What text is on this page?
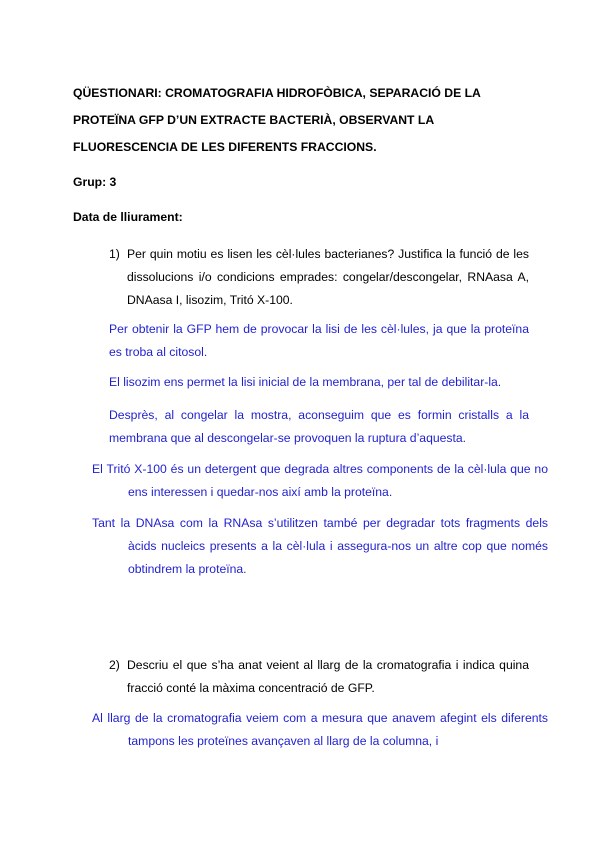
QÜESTIONARI: CROMATOGRAFIA HIDROFÒBICA, SEPARACIÓ DE LA
PROTEÏNA GFP D’UN EXTRACTE BACTERIÀ, OBSERVANT LA
FLUORESCENCIA DE LES DIFERENTS FRACCIONS.

Grup: 3

Data de lliurament:

1) Per quin motiu es lisen les cèl·lules bacterianes? Justifica la funció de les dissolucions i/o condicions emprades: congelar/descongelar, RNAasa A, DNAasa I, lisozim, Tritó X-100.

Per obtenir la GFP hem de provocar la lisi de les cèl·lules, ja que la proteïna es troba al citosol.

El lisozim ens permet la lisi inicial de la membrana, per tal de debilitar-la.

Desprès, al congelar la mostra, aconseguim que es formin cristalls a la membrana que al descongelar-se provoquen la ruptura d’aquesta.

El Tritó X-100 és un detergent que degrada altres components de la cèl·lula que no ens interessen i quedar-nos així amb la proteïna.

Tant la DNAsa com la RNAsa s’utilitzen també per degradar tots fragments dels àcids nucleics presents a la cèl·lula i assegura-nos un altre cop que només obtindrem la proteïna.

2) Descriu el que s’ha anat veient al llarg de la cromatografia i indica quina fracció conté la màxima concentració de GFP.

Al llarg de la cromatografia veiem com a mesura que anavem afegint els diferents tampons les proteïnes avançaven al llarg de la columna, i
